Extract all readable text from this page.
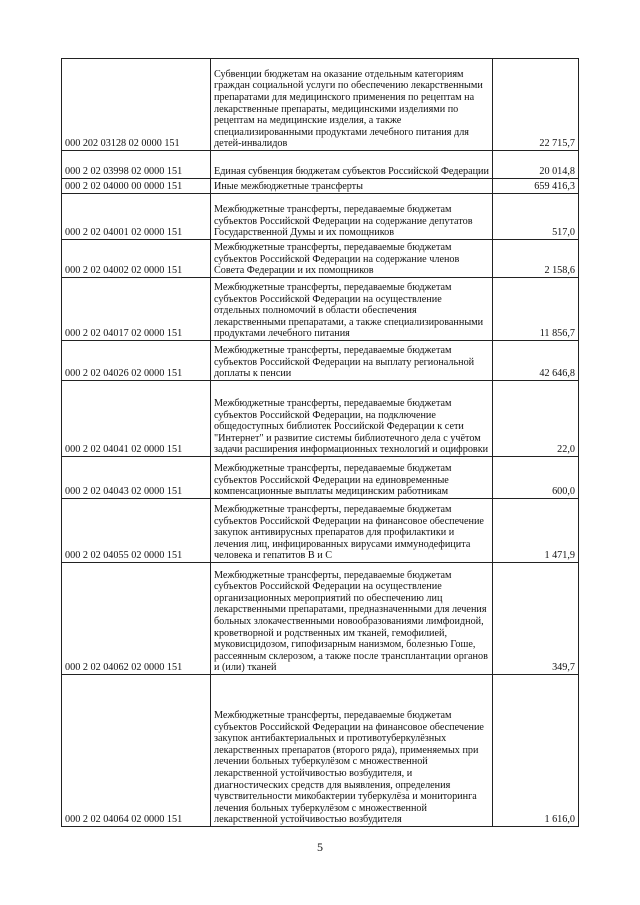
000 202 03128 02 0000 151	Субвенции бюджетам на оказание отдельным категориям граждан социальной услуги по обеспечению лекарственными препаратами для медицинского применения по рецептам на лекарственные препараты, медицинскими изделиями по рецептам на медицинские изделия, а также специализированными продуктами лечебного питания для детей-инвалидов	22 715,7
000 2 02 03998 02 0000 151	Единая субвенция бюджетам субъектов Российской Федерации	20 014,8
000 2 02 04000 00 0000 151	Иные межбюджетные трансферты	659 416,3
000 2 02 04001 02 0000 151	Межбюджетные трансферты, передаваемые бюджетам субъектов Российской Федерации на содержание депутатов Государственной Думы и их помощников	517,0
000 2 02 04002 02 0000 151	Межбюджетные трансферты, передаваемые бюджетам субъектов Российской Федерации на содержание членов Совета Федерации и их помощников	2 158,6
000 2 02 04017 02 0000 151	Межбюджетные трансферты, передаваемые бюджетам субъектов Российской Федерации на осуществление отдельных полномочий в области обеспечения лекарственными препаратами, а также специализированными продуктами лечебного питания	11 856,7
000 2 02 04026 02 0000 151	Межбюджетные трансферты, передаваемые бюджетам субъектов Российской Федерации на выплату региональной доплаты к пенсии	42 646,8
000 2 02 04041 02 0000 151	Межбюджетные трансферты, передаваемые бюджетам субъектов Российской Федерации, на подключение общедоступных библиотек Российской Федерации к сети "Интернет" и развитие системы библиотечного дела с учётом задачи расширения информационных технологий и оцифровки	22,0
000 2 02 04043 02 0000 151	Межбюджетные трансферты, передаваемые бюджетам субъектов Российской Федерации на единовременные компенсационные выплаты медицинским работникам	600,0
000 2 02 04055 02 0000 151	Межбюджетные трансферты, передаваемые бюджетам субъектов Российской Федерации на финансовое обеспечение закупок антивирусных препаратов для профилактики и лечения лиц, инфицированных вирусами иммунодефицита человека и гепатитов В и С	1 471,9
000 2 02 04062 02 0000 151	Межбюджетные трансферты, передаваемые бюджетам субъектов Российской Федерации на осуществление организационных мероприятий по обеспечению лиц лекарственными препаратами, предназначенными для лечения больных злокачественными новообразованиями лимфоидной, кроветворной и родственных им тканей, гемофилией, муковисцидозом, гипофизарным нанизмом, болезнью Гоше, рассеянным склерозом, а также после трансплантации органов и (или) тканей	349,7
000 2 02 04064 02 0000 151	Межбюджетные трансферты, передаваемые бюджетам субъектов Российской Федерации на финансовое обеспечение закупок антибактериальных и противотуберкулёзных лекарственных препаратов (второго ряда), применяемых при лечении больных туберкулёзом с множественной лекарственной устойчивостью возбудителя, и диагностических средств для выявления, определения чувствительности микобактерии туберкулёза и мониторинга лечения больных туберкулёзом с множественной лекарственной устойчивостью возбудителя	1 616,0
5
